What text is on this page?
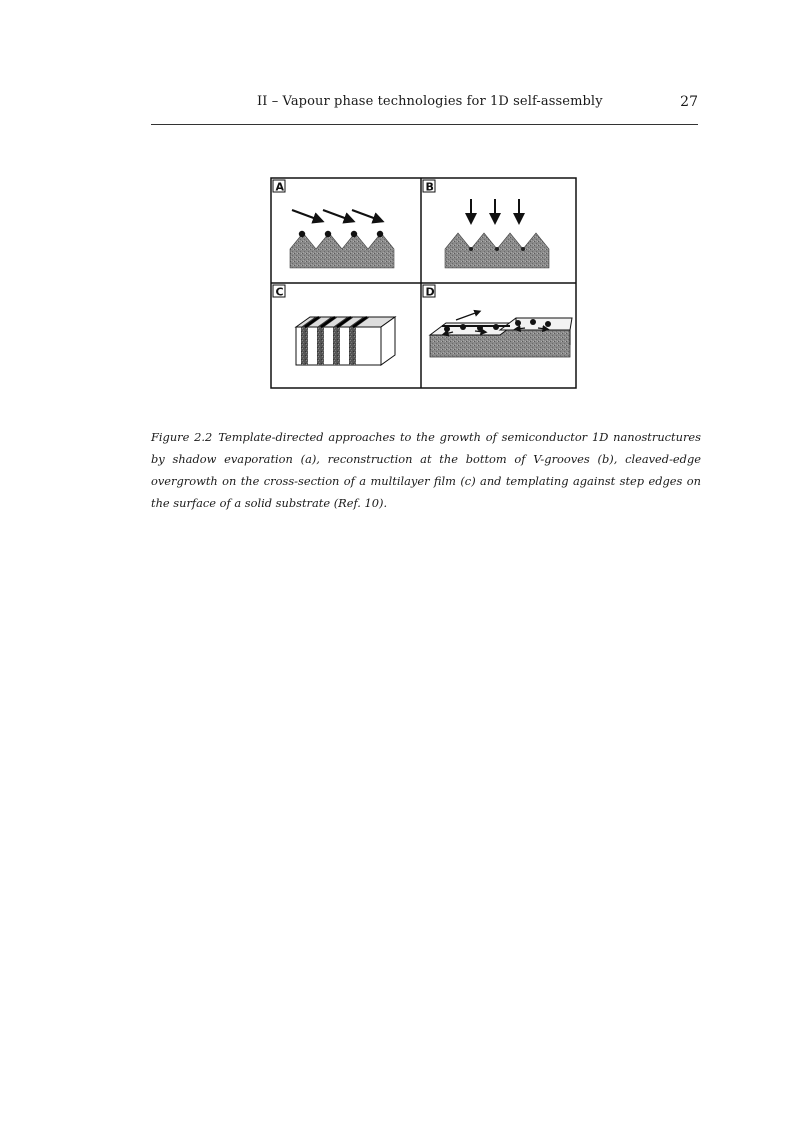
II – Vapour phase technologies for 1D self-assembly	27
A	B
C	D

Figure 2.2 Template-directed approaches to the growth of semiconductor 1D nanostructures by shadow evaporation (a), reconstruction at the bottom of V-grooves (b), cleaved-edge overgrowth on the cross-section of a multilayer film (c) and templating against step edges on the surface of a solid substrate (Ref. 10).
